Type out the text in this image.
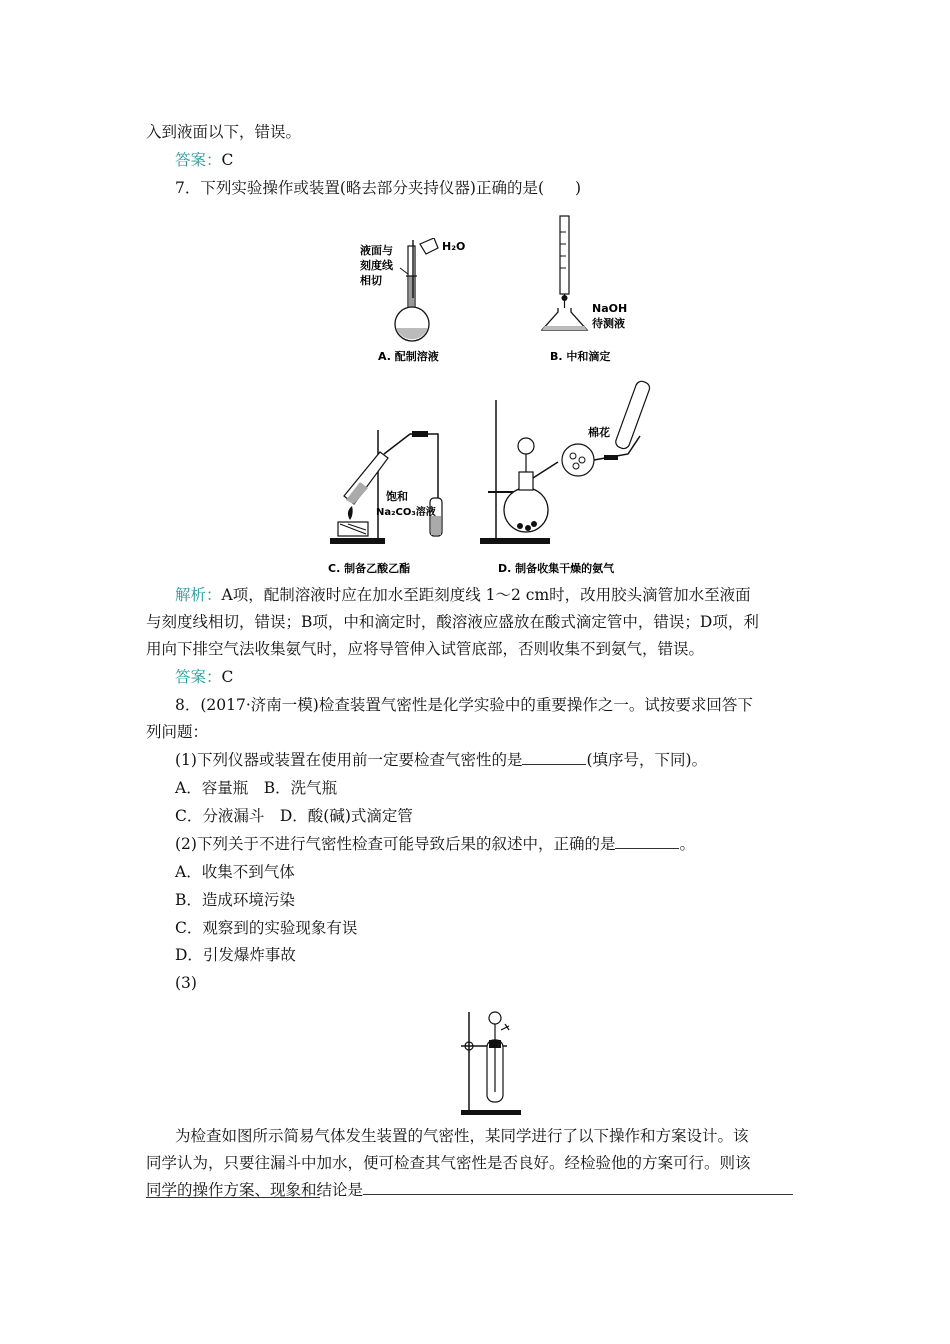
入到液面以下，错误。
答案：C
7．下列实验操作或装置(略去部分夹持仪器)正确的是(　　)
液面与
刻度线
相切
H₂O
A. 配制溶液
NaOH
待测液
B. 中和滴定
饱和
Na₂CO₃溶液
C. 制备乙酸乙酯
棉花
D. 制备收集干燥的氨气
解析：A项，配制溶液时应在加水至距刻度线 1～2 cm时，改用胶头滴管加水至液面
与刻度线相切，错误；B项，中和滴定时，酸溶液应盛放在酸式滴定管中，错误；D项，利
用向下排空气法收集氨气时，应将导管伸入试管底部，否则收集不到氨气，错误。
答案：C
8．(2017·济南一模)检查装置气密性是化学实验中的重要操作之一。试按要求回答下
列问题：
(1)下列仪器或装置在使用前一定要检查气密性的是	(填序号，下同)。
A．容量瓶　B．洗气瓶
C．分液漏斗　D．酸(碱)式滴定管
(2)下列关于不进行气密性检查可能导致后果的叙述中，正确的是	。
A．收集不到气体
B．造成环境污染
C．观察到的实验现象有误
D．引发爆炸事故
(3)
为检查如图所示简易气体发生装置的气密性，某同学进行了以下操作和方案设计。该
同学认为，只要往漏斗中加水，便可检查其气密性是否良好。经检验他的方案可行。则该
同学的操作方案、现象和结论是
